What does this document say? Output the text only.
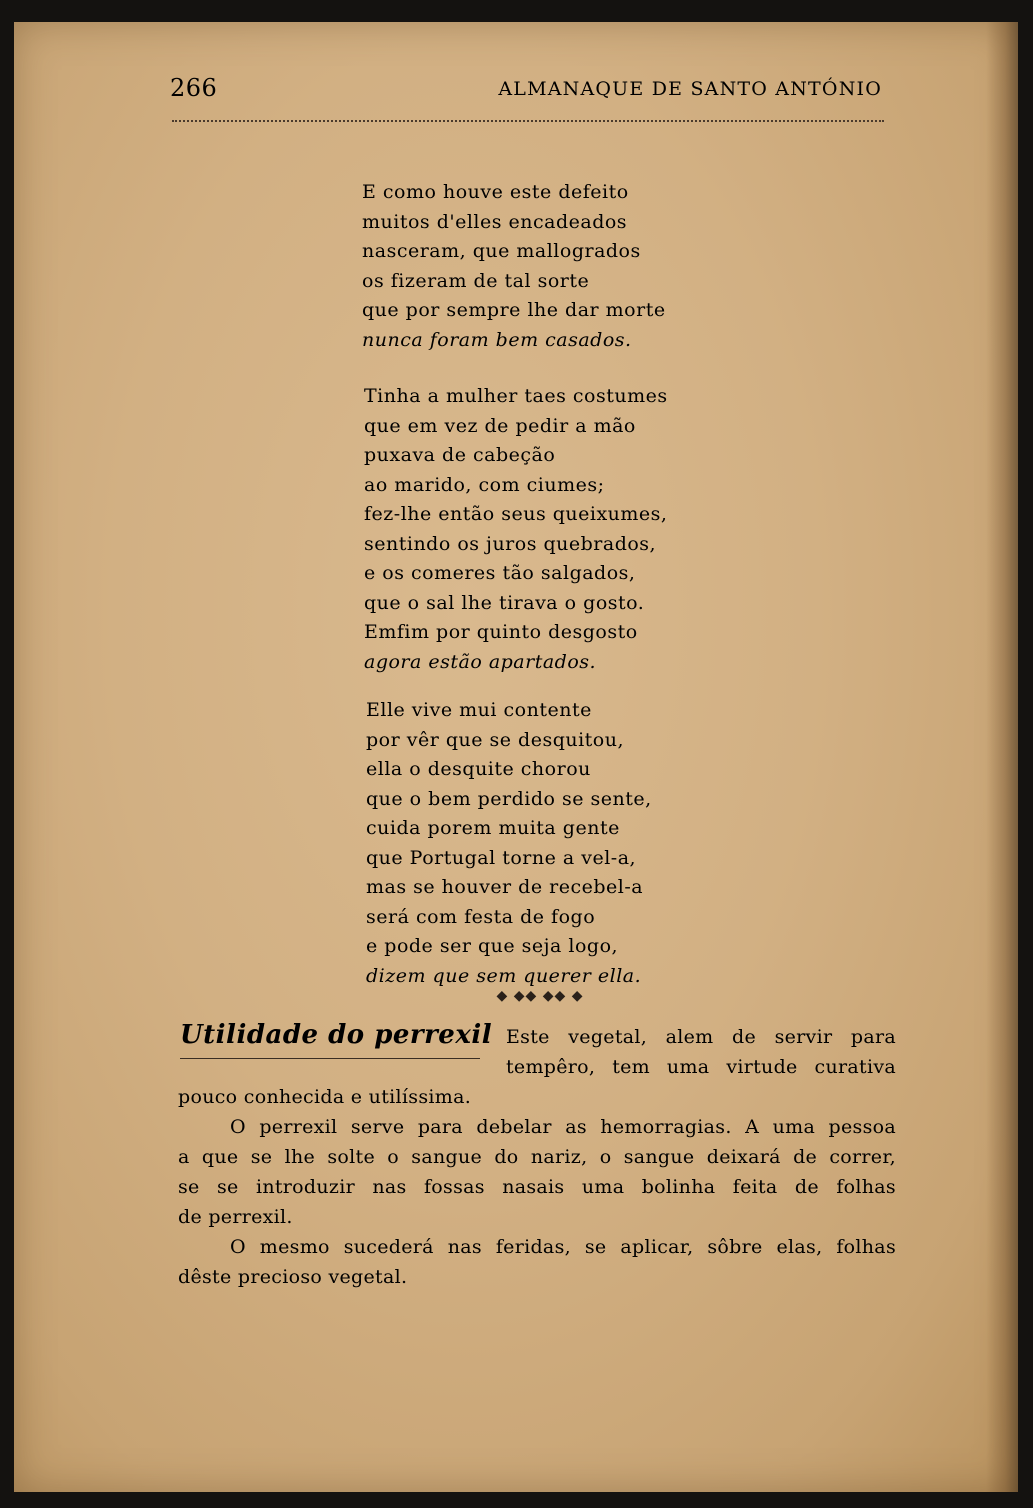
266	ALMANAQUE DE SANTO ANTÓNIO
E como houve este defeito
muitos d'elles encadeados
nasceram, que mallogrados
os fizeram de tal sorte
que por sempre lhe dar morte
nunca foram bem casados.
Tinha a mulher taes costumes
que em vez de pedir a mão
puxava de cabeção
ao marido, com ciumes;
fez-lhe então seus queixumes,
sentindo os juros quebrados,
e os comeres tão salgados,
que o sal lhe tirava o gosto.
Emfim por quinto desgosto
agora estão apartados.
Elle vive mui contente
por vêr que se desquitou,
ella o desquite chorou
que o bem perdido se sente,
cuida porem muita gente
que Portugal torne a vel-a,
mas se houver de recebel-a
será com festa de fogo
e pode ser que seja logo,
dizem que sem querer ella.
◆ ◆◆ ◆◆ ◆
Utilidade do perrexil Este vegetal, alem de servir para
tempêro, tem uma virtude curativa
pouco conhecida e utilíssima.
O perrexil serve para debelar as hemorragias. A uma pessoa
a que se lhe solte o sangue do nariz, o sangue deixará de correr,
se se introduzir nas fossas nasais uma bolinha feita de folhas
de perrexil.
O mesmo sucederá nas feridas, se aplicar, sôbre elas, folhas
dêste precioso vegetal.
